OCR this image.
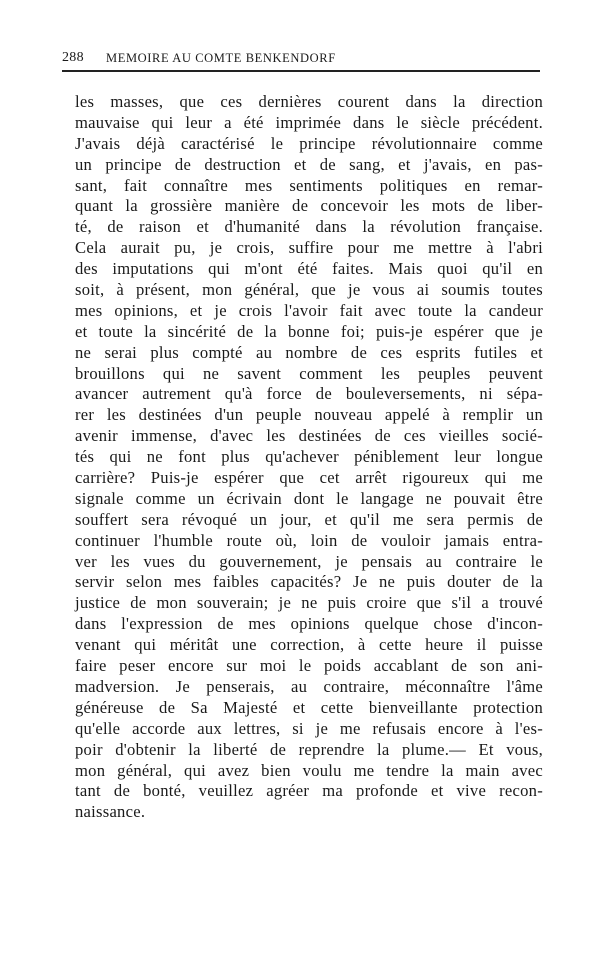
288 MEMOIRE AU COMTE BENKENDORF
les masses, que ces dernières courent dans la direction
mauvaise qui leur a été imprimée dans le siècle précédent.
J'avais déjà caractérisé le principe révolutionnaire comme
un principe de destruction et de sang, et j'avais, en pas-
sant, fait connaître mes sentiments politiques en remar-
quant la grossière manière de concevoir les mots de liber-
té, de raison et d'humanité dans la révolution française.
Cela aurait pu, je crois, suffire pour me mettre à l'abri
des imputations qui m'ont été faites. Mais quoi qu'il en
soit, à présent, mon général, que je vous ai soumis toutes
mes opinions, et je crois l'avoir fait avec toute la candeur
et toute la sincérité de la bonne foi; puis-je espérer que je
ne serai plus compté au nombre de ces esprits futiles et
brouillons qui ne savent comment les peuples peuvent
avancer autrement qu'à force de bouleversements, ni sépa-
rer les destinées d'un peuple nouveau appelé à remplir un
avenir immense, d'avec les destinées de ces vieilles socié-
tés qui ne font plus qu'achever péniblement leur longue
carrière? Puis-je espérer que cet arrêt rigoureux qui me
signale comme un écrivain dont le langage ne pouvait être
souffert sera révoqué un jour, et qu'il me sera permis de
continuer l'humble route où, loin de vouloir jamais entra-
ver les vues du gouvernement, je pensais au contraire le
servir selon mes faibles capacités? Je ne puis douter de la
justice de mon souverain; je ne puis croire que s'il a trouvé
dans l'expression de mes opinions quelque chose d'incon-
venant qui méritât une correction, à cette heure il puisse
faire peser encore sur moi le poids accablant de son ani-
madversion. Je penserais, au contraire, méconnaître l'âme
généreuse de Sa Majesté et cette bienveillante protection
qu'elle accorde aux lettres, si je me refusais encore à l'es-
poir d'obtenir la liberté de reprendre la plume.— Et vous,
mon général, qui avez bien voulu me tendre la main avec
tant de bonté, veuillez agréer ma profonde et vive recon-
naissance.
